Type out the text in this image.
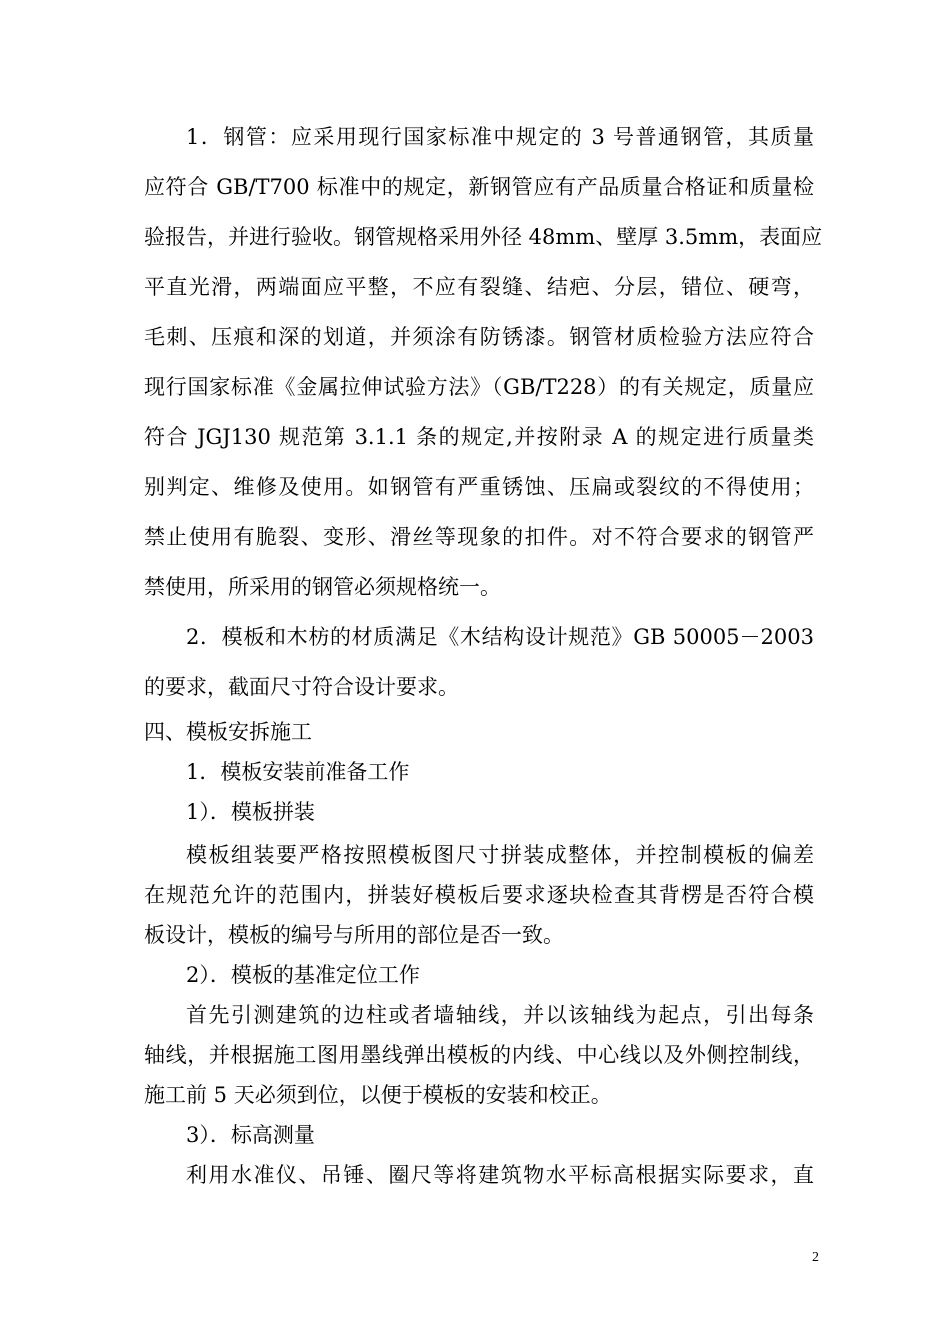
1．钢管：应采用现行国家标准中规定的 3 号普通钢管，其质量

应符合 GB/T700 标准中的规定，新钢管应有产品质量合格证和质量检

验报告，并进行验收。钢管规格采用外径 48mm、壁厚 3.5mm，表面应

平直光滑，两端面应平整，不应有裂缝、结疤、分层，错位、硬弯，

毛刺、压痕和深的划道，并须涂有防锈漆。钢管材质检验方法应符合

现行国家标准《金属拉伸试验方法》（GB/T228）的有关规定，质量应

符合 JGJ130 规范第 3.1.1 条的规定,并按附录 A 的规定进行质量类

别判定、维修及使用。如钢管有严重锈蚀、压扁或裂纹的不得使用；

禁止使用有脆裂、变形、滑丝等现象的扣件。对不符合要求的钢管严

禁使用，所采用的钢管必须规格统一。

2．模板和木枋的材质满足《木结构设计规范》GB 50005－2003

的要求，截面尺寸符合设计要求。

四、模板安拆施工

1．模板安装前准备工作

1）．模板拼装

模板组装要严格按照模板图尺寸拼装成整体，并控制模板的偏差

在规范允许的范围内，拼装好模板后要求逐块检查其背楞是否符合模

板设计，模板的编号与所用的部位是否一致。

2）．模板的基准定位工作

首先引测建筑的边柱或者墙轴线，并以该轴线为起点，引出每条

轴线，并根据施工图用墨线弹出模板的内线、中心线以及外侧控制线，

施工前 5 天必须到位，以便于模板的安装和校正。

3）．标高测量

利用水准仪、吊锤、圈尺等将建筑物水平标高根据实际要求，直

2
